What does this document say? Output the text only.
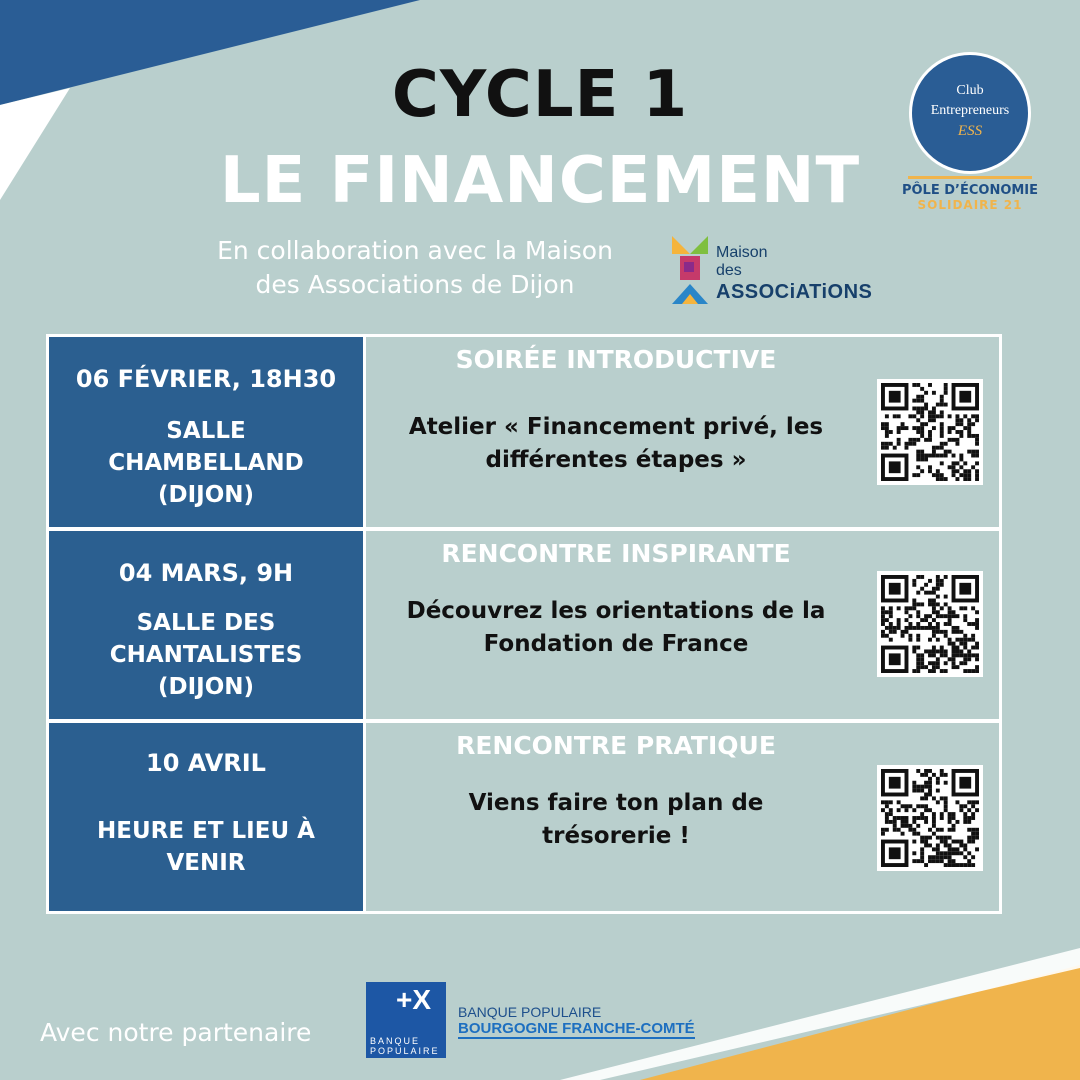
CYCLE 1
LE FINANCEMENT
En collaboration avec la Maison
des Associations de Dijon
Maison
des
ASSOCiATiONS
Club
Entrepreneurs
ESS
PÔLE D’ÉCONOMIE
SOLIDAIRE 21
06 FÉVRIER, 18H30
SALLE
CHAMBELLAND
(DIJON)
SOIRÉE INTRODUCTIVE
Atelier « Financement privé, les
différentes étapes »
04 MARS, 9H
SALLE DES
CHANTALISTES
(DIJON)
RENCONTRE INSPIRANTE
Découvrez les orientations de la
Fondation de France
10 AVRIL
HEURE ET LIEU À
VENIR
RENCONTRE PRATIQUE
Viens faire ton plan de
trésorerie !
Avec notre partenaire
+X
BANQUE
POPULAIRE
BANQUE POPULAIRE
BOURGOGNE FRANCHE-COMTÉ
